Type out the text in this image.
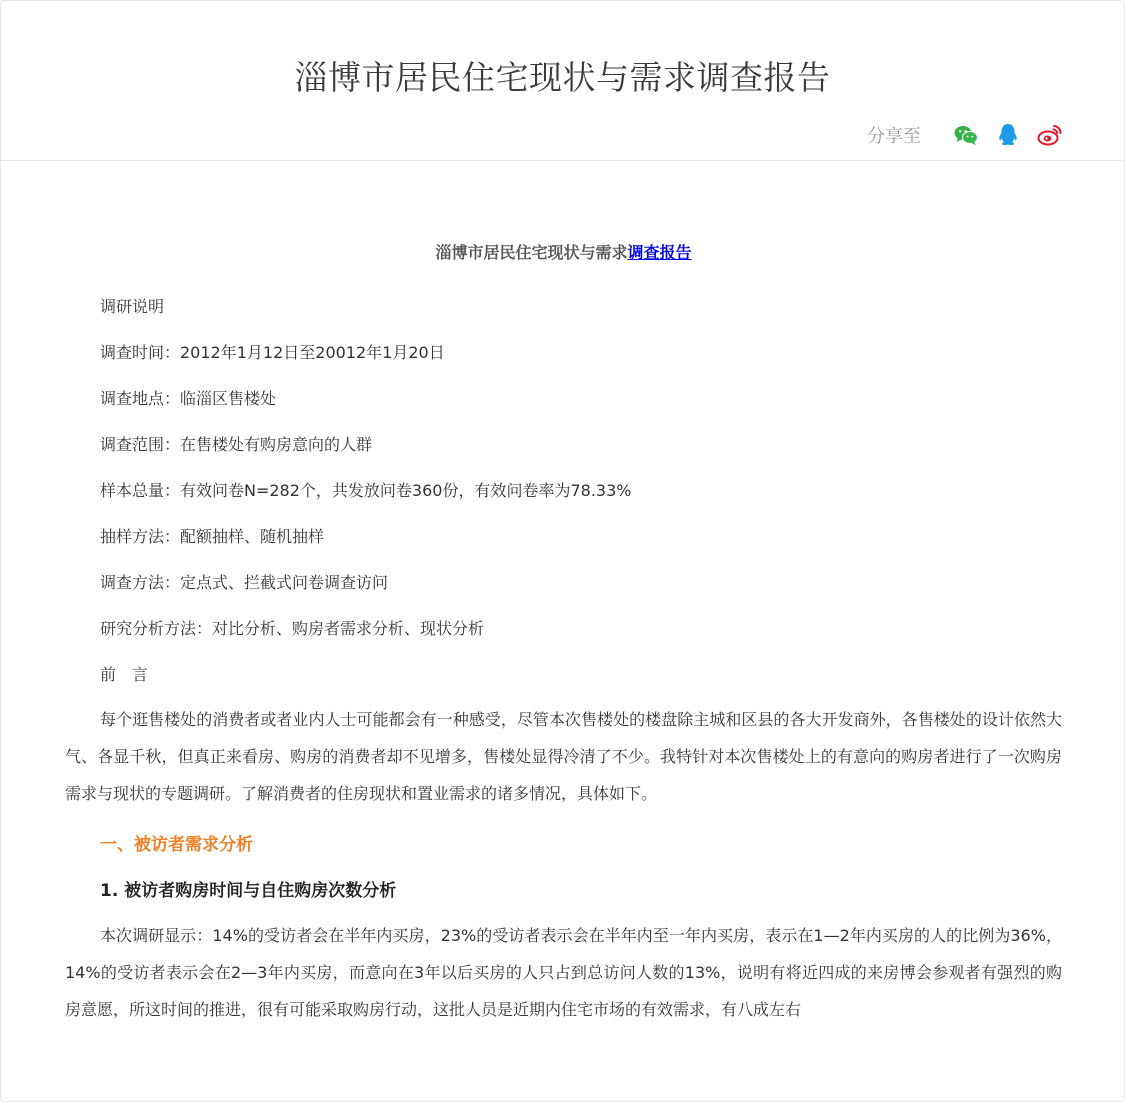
淄博市居民住宅现状与需求调查报告
分享至
淄博市居民住宅现状与需求调查报告
调研说明
调查时间：2012年1月12日至20012年1月20日
调查地点：临淄区售楼处
调查范围：在售楼处有购房意向的人群
样本总量：有效问卷N=282个，共发放问卷360份，有效问卷率为78.33%
抽样方法：配额抽样、随机抽样
调查方法：定点式、拦截式问卷调查访问
研究分析方法：对比分析、购房者需求分析、现状分析
前言

每个逛售楼处的消费者或者业内人士可能都会有一种感受，尽管本次售楼处的楼盘除主城和区县的各大开发商外，各售楼处的设计依然大气、各显千秋，但真正来看房、购房的消费者却不见增多，售楼处显得冷清了不少。我特针对本次售楼处上的有意向的购房者进行了一次购房需求与现状的专题调研。了解消费者的住房现状和置业需求的诸多情况，具体如下。

一、被访者需求分析
1. 被访者购房时间与自住购房次数分析

本次调研显示：14%的受访者会在半年内买房，23%的受访者表示会在半年内至一年内买房，表示在1—2年内买房的人的比例为36%，14%的受访者表示会在2—3年内买房，而意向在3年以后买房的人只占到总访问人数的13%，说明有将近四成的来房博会参观者有强烈的购房意愿，所这时间的推进，很有可能采取购房行动，这批人员是近期内住宅市场的有效需求，有八成左右
